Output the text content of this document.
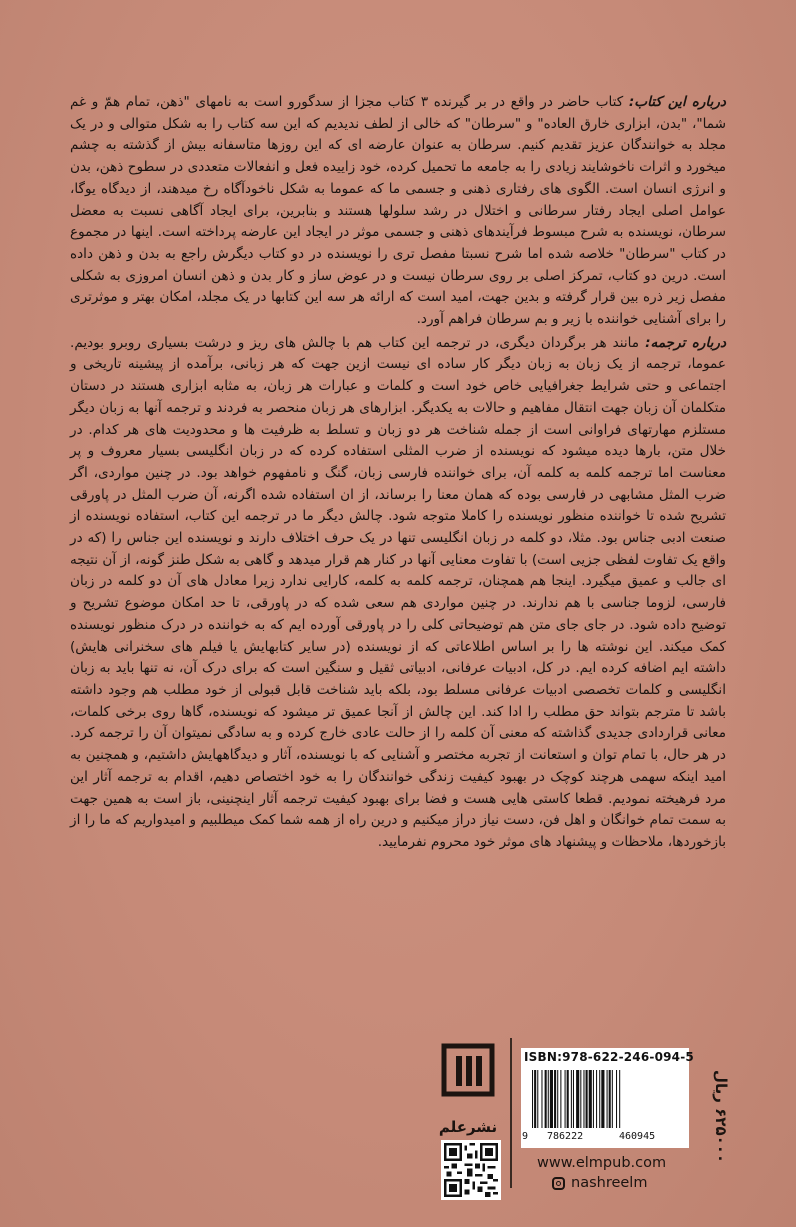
درباره این کتاب: کتاب حاضر در واقع در بر گیرنده ۳ کتاب مجزا از سدگورو است به نامهای "ذهن، تمام همّ و غم شما"، "بدن، ابزاری خارق العاده" و "سرطان" که خالی از لطف ندیدیم که این سه کتاب را به شکل متوالی و در یک مجلد به خوانندگان عزیز تقدیم کنیم. سرطان به عنوان عارضه ای که این روزها متاسفانه بیش از گذشته به چشم میخورد و اثرات ناخوشایند زیادی را به جامعه ما تحمیل کرده، خود زاییده فعل و انفعالات متعددی در سطوح ذهن، بدن و انرژی انسان است. الگوی های رفتاری ذهنی و جسمی ما که عموما به شکل ناخودآگاه رخ میدهند، از دیدگاه یوگا، عوامل اصلی ایجاد رفتار سرطانی و اختلال در رشد سلولها هستند و بنابرین، برای ایجاد آگاهی نسبت به معضل سرطان، نویسنده به شرح مبسوط فرآیندهای ذهنی و جسمی موثر در ایجاد این عارضه پرداخته است. اینها در مجموع در کتاب "سرطان" خلاصه شده اما شرح نسبتا مفصل تری را نویسنده در دو کتاب دیگرش راجع به بدن و ذهن داده است. درین دو کتاب، تمرکز اصلی بر روی سرطان نیست و در عوض ساز و کار بدن و ذهن انسان امروزی به شکلی مفصل زیر ذره بین قرار گرفته و بدین جهت، امید است که ارائه هر سه این کتابها در یک مجلد، امکان بهتر و موثرتری را برای آشنایی خواننده با زیر و بم سرطان فراهم آورد.

درباره ترجمه: مانند هر برگردان دیگری، در ترجمه این کتاب هم با چالش های ریز و درشت بسیاری روبرو بودیم. عموما، ترجمه از یک زبان به زبان دیگر کار ساده ای نیست ازین جهت که هر زبانی، برآمده از پیشینه تاریخی و اجتماعی و حتی شرایط جغرافیایی خاص خود است و کلمات و عبارات هر زبان، به مثابه ابزاری هستند در دستان متکلمان آن زبان جهت انتقال مفاهیم و حالات به یکدیگر. ابزارهای هر زبان منحصر به فردند و ترجمه آنها به زبان دیگر مستلزم مهارتهای فراوانی است از جمله شناخت هر دو زبان و تسلط به ظرفیت ها و محدودیت های هر کدام. در خلال متن، بارها دیده میشود که نویسنده از ضرب المثلی استفاده کرده که در زبان انگلیسی بسیار معروف و پر معناست اما ترجمه کلمه به کلمه آن، برای خواننده فارسی زبان، گنگ و نامفهوم خواهد بود. در چنین مواردی، اگر ضرب المثل مشابهی در فارسی بوده که همان معنا را برساند، از ان استفاده شده اگرنه، آن ضرب المثل در پاورقی تشریح شده تا خواننده منظور نویسنده را کاملا متوجه شود. چالش دیگر ما در ترجمه این کتاب، استفاده نویسنده از صنعت ادبی جناس بود. مثلا، دو کلمه در زبان انگلیسی تنها در یک حرف اختلاف دارند و نویسنده این جناس را (که در واقع یک تفاوت لفظی جزیی است) با تفاوت معنایی آنها در کنار هم قرار میدهد و گاهی به شکل طنز گونه، از آن نتیجه ای جالب و عمیق میگیرد. اینجا هم همچنان، ترجمه کلمه به کلمه، کارایی ندارد زیرا معادل های آن دو کلمه در زبان فارسی، لزوما جناسی با هم ندارند. در چنین مواردی هم سعی شده که در پاورقی، تا حد امکان موضوع تشریح و توضیح داده شود. در جای جای متن هم توضیحاتی کلی را در پاورقی آورده ایم که به خواننده در درک منظور نویسنده کمک میکند. این نوشته ها را بر اساس اطلاعاتی که از نویسنده (در سایر کتابهایش یا فیلم های سخنرانی هایش) داشته ایم اضافه کرده ایم. در کل، ادبیات عرفانی، ادبیاتی ثقیل و سنگین است که برای درک آن، نه تنها باید به زبان انگلیسی و کلمات تخصصی ادبیات عرفانی مسلط بود، بلکه باید شناخت قابل قبولی از خود مطلب هم وجود داشته باشد تا مترجم بتواند حق مطلب را ادا کند. این چالش از آنجا عمیق تر میشود که نویسنده، گاها روی برخی کلمات، معانی قراردادی جدیدی گذاشته که معنی آن کلمه را از حالت عادی خارج کرده و به سادگی نمیتوان آن را ترجمه کرد. در هر حال، با تمام توان و استعانت از تجربه مختصر و آشنایی که با نویسنده، آثار و دیدگاههایش داشتیم، و همچنین به امید اینکه سهمی هرچند کوچک در بهبود کیفیت زندگی خوانندگان را به خود اختصاص دهیم، اقدام به ترجمه آثار این مرد فرهیخته نمودیم. قطعا کاستی هایی هست و فضا برای بهبود کیفیت ترجمه آثار اینچنینی، باز است به همین جهت به سمت تمام خوانگان و اهل فن، دست نیاز دراز میکنیم و درین راه از همه شما کمک میطلبیم و امیدواریم که ما را از بازخوردها، ملاحظات و پیشنهاد های موثر خود محروم نفرمایید.

نشرعلم
ISBN:978-622-246-094-5
9 786222	460945
۶۲۵۰۰۰ ریال
www.elmpub.com
nashreelm
